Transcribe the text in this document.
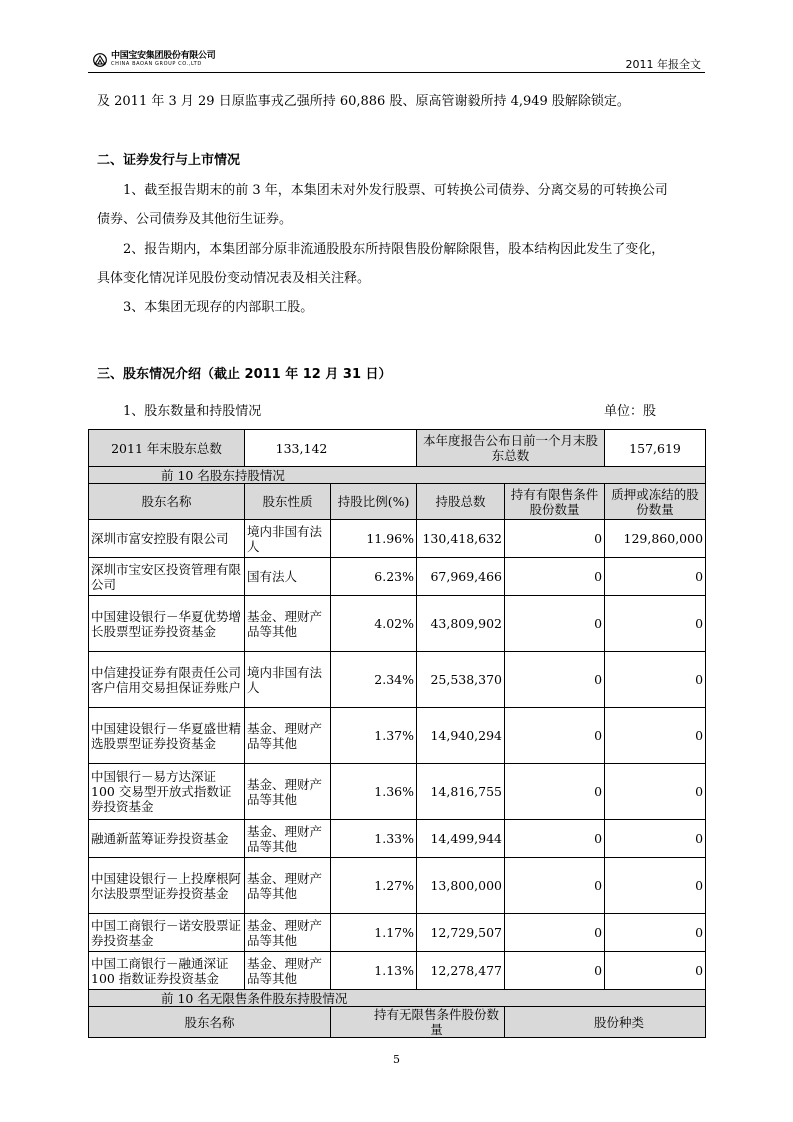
中国宝安集团股份有限公司
CHINA BAOAN GROUP CO.,LTD	2011 年报全文
及 2011 年 3 月 29 日原监事戎乙强所持 60,886 股、原高管谢毅所持 4,949 股解除锁定。
二、证券发行与上市情况
1、截至报告期末的前 3 年，本集团未对外发行股票、可转换公司债券、分离交易的可转换公司
债券、公司债券及其他衍生证券。
2、报告期内，本集团部分原非流通股股东所持限售股份解除限售，股本结构因此发生了变化，
具体变化情况详见股份变动情况表及相关注释。
3、本集团无现存的内部职工股。
三、股东情况介绍（截止 2011 年 12 月 31 日）
1、股东数量和持股情况	单位：股
2011 年末股东总数	133,142		本年度报告公布日前一个月末股东总数		157,619
前 10 名股东持股情况					
股东名称	股东性质	持股比例(%)	持股总数	持有有限售条件股份数量	质押或冻结的股份数量
深圳市富安控股有限公司	境内非国有法人	11.96%	130,418,632	0	129,860,000
深圳市宝安区投资管理有限公司	国有法人	6.23%	67,969,466	0	0
中国建设银行－华夏优势增长股票型证券投资基金	基金、理财产品等其他	4.02%	43,809,902	0	0
中信建投证券有限责任公司客户信用交易担保证券账户	境内非国有法人	2.34%	25,538,370	0	0
中国建设银行－华夏盛世精选股票型证券投资基金	基金、理财产品等其他	1.37%	14,940,294	0	0
中国银行－易方达深证 100 交易型开放式指数证券投资基金	基金、理财产品等其他	1.36%	14,816,755	0	0
融通新蓝筹证券投资基金	基金、理财产品等其他	1.33%	14,499,944	0	0
中国建设银行－上投摩根阿尔法股票型证券投资基金	基金、理财产品等其他	1.27%	13,800,000	0	0
中国工商银行－诺安股票证券投资基金	基金、理财产品等其他	1.17%	12,729,507	0	0
中国工商银行－融通深证 100 指数证券投资基金	基金、理财产品等其他	1.13%	12,278,477	0	0
前 10 名无限售条件股东持股情况					
股东名称		持有无限售条件股份数量		股份种类	
5
